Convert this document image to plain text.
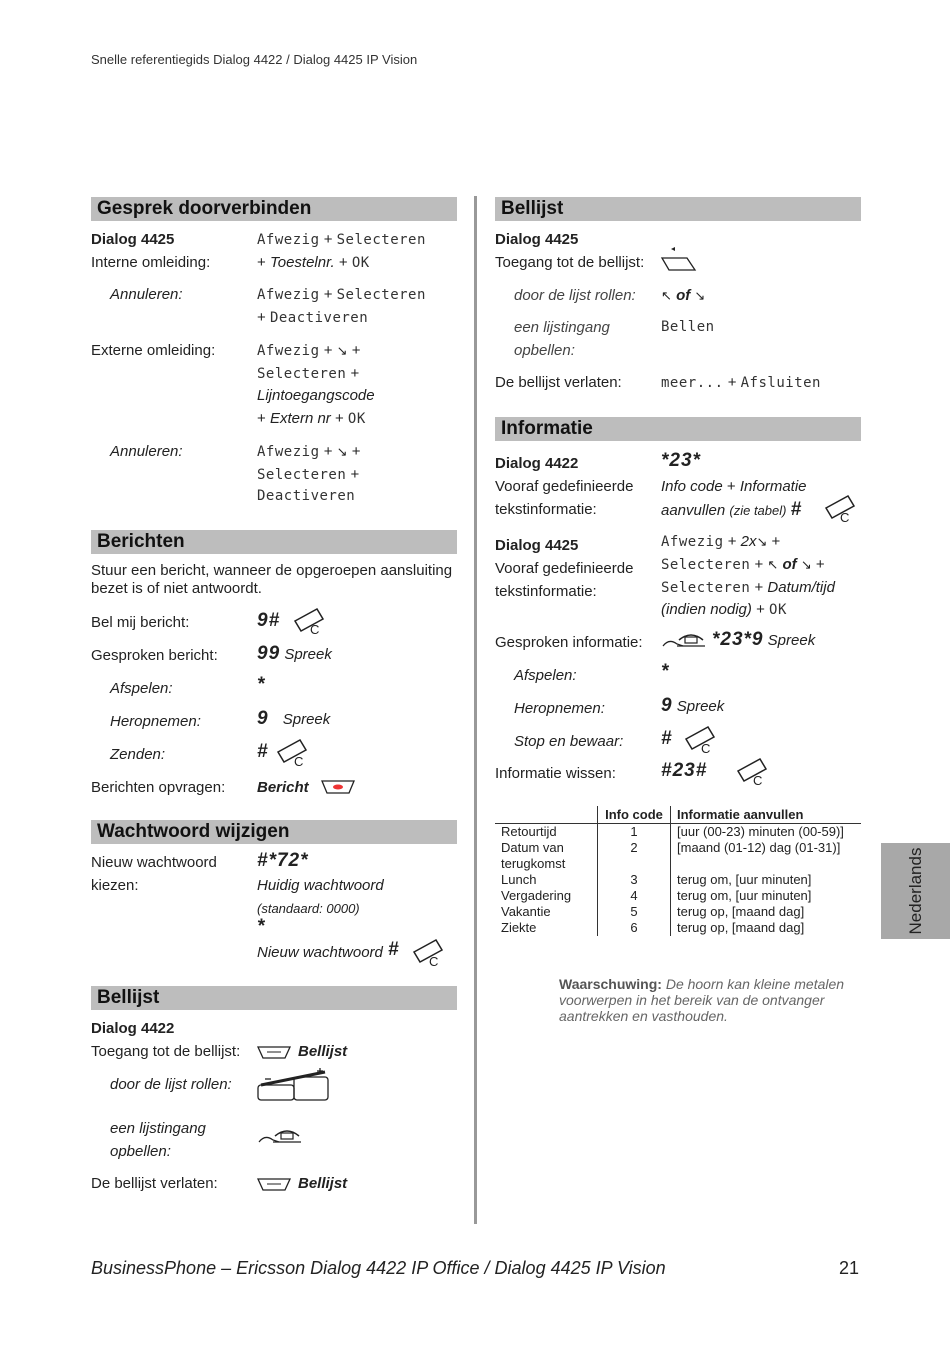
Snelle referentiegids Dialog 4422 / Dialog 4425 IP Vision
Gesprek doorverbinden
Dialog 4425	Afwezig + Selecteren
Interne omleiding:	+ Toestelnr. + OK
Annuleren:	Afwezig + Selecteren
+ Deactiveren
Externe omleiding:	Afwezig + ↘ +
Selecteren +
Lijntoegangscode
+ Extern nr + OK
Annuleren:	Afwezig + ↘ +
Selecteren +
Deactiveren
Berichten
Stuur een bericht, wanneer de opgeroepen aansluiting
bezet is of niet antwoordt.
Bel mij bericht:	9# C
Gesproken bericht: 99 Spreek
Afspelen:	*
Heropnemen:	9 Spreek
Zenden:	# C
Berichten opvragen: Bericht
Wachtwoord wijzigen
Nieuw wachtwoord
kiezen:
#*72*
Huidig wachtwoord
(standaard: 0000)
*
Nieuw wachtwoord #
C
Bellijst
Dialog 4422
Toegang tot de bellijst:	Bellijst
door de lijst rollen:
een lijstingang
opbellen:
De bellijst verlaten:	Bellijst
Bellijst
Dialog 4425
Toegang tot de bellijst:
door de lijst rollen: ↖ of ↘
een lijstingang
opbellen:
Bellen
De bellijst verlaten:	meer... + Afsluiten
Informatie
Dialog 4422	*23*
Vooraf gedefinieerde
tekstinformatie:
Info code + Informatie
aanvullen (zie tabel) #	C
Dialog 4425
Vooraf gedefinieerde
tekstinformatie:
Afwezig + 2x↘ +
Selecteren + ↖ of ↘ +
Selecteren + Datum/tijd
(indien nodig) + OK
Gesproken informatie:	*23*9 Spreek
Afspelen:	*
Heropnemen:	9 Spreek
Stop en bewaar: # C
Informatie wissen: #23#	C
	Info code	Informatie aanvullen
Retourtijd	1	[uur (00-23) minuten (00-59)]
Datum van terugkomst	2	[maand (01-12) dag (01-31)]
Lunch	3	terug om, [uur minuten]
Vergadering	4	terug om, [uur minuten]
Vakantie	5	terug op, [maand dag]
Ziekte	6	terug op, [maand dag]
Waarschuwing: De hoorn kan kleine metalen voorwerpen in het bereik van de ontvanger aantrekken en vasthouden.
Nederlands
BusinessPhone – Ericsson Dialog 4422 IP Office / Dialog 4425 IP Vision	21
